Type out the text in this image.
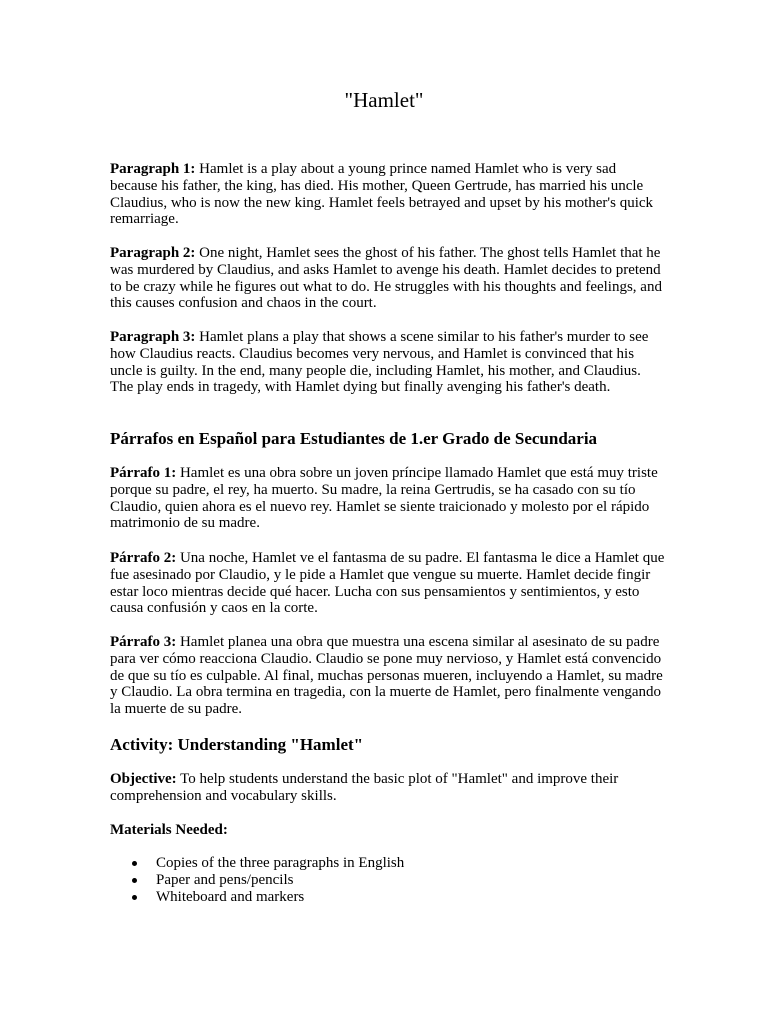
"Hamlet"

Paragraph 1: Hamlet is a play about a young prince named Hamlet who is very sad because his father, the king, has died. His mother, Queen Gertrude, has married his uncle Claudius, who is now the new king. Hamlet feels betrayed and upset by his mother's quick remarriage.

Paragraph 2: One night, Hamlet sees the ghost of his father. The ghost tells Hamlet that he was murdered by Claudius, and asks Hamlet to avenge his death. Hamlet decides to pretend to be crazy while he figures out what to do. He struggles with his thoughts and feelings, and this causes confusion and chaos in the court.

Paragraph 3: Hamlet plans a play that shows a scene similar to his father's murder to see how Claudius reacts. Claudius becomes very nervous, and Hamlet is convinced that his uncle is guilty. In the end, many people die, including Hamlet, his mother, and Claudius. The play ends in tragedy, with Hamlet dying but finally avenging his father's death.

Párrafos en Español para Estudiantes de 1.er Grado de Secundaria

Párrafo 1: Hamlet es una obra sobre un joven príncipe llamado Hamlet que está muy triste porque su padre, el rey, ha muerto. Su madre, la reina Gertrudis, se ha casado con su tío Claudio, quien ahora es el nuevo rey. Hamlet se siente traicionado y molesto por el rápido matrimonio de su madre.

Párrafo 2: Una noche, Hamlet ve el fantasma de su padre. El fantasma le dice a Hamlet que fue asesinado por Claudio, y le pide a Hamlet que vengue su muerte. Hamlet decide fingir estar loco mientras decide qué hacer. Lucha con sus pensamientos y sentimientos, y esto causa confusión y caos en la corte.

Párrafo 3: Hamlet planea una obra que muestra una escena similar al asesinato de su padre para ver cómo reacciona Claudio. Claudio se pone muy nervioso, y Hamlet está convencido de que su tío es culpable. Al final, muchas personas mueren, incluyendo a Hamlet, su madre y Claudio. La obra termina en tragedia, con la muerte de Hamlet, pero finalmente vengando la muerte de su padre.

Activity: Understanding "Hamlet"

Objective: To help students understand the basic plot of "Hamlet" and improve their comprehension and vocabulary skills.

Materials Needed:

Copies of the three paragraphs in English
Paper and pens/pencils
Whiteboard and markers
